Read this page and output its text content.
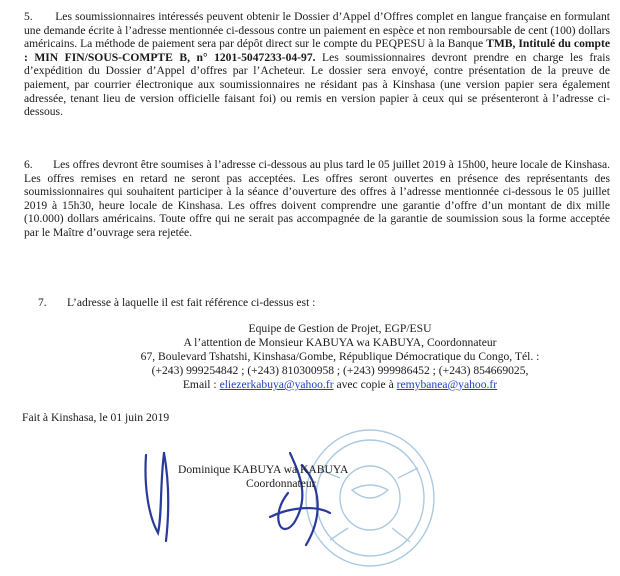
5. Les soumissionnaires intéressés peuvent obtenir le Dossier d’Appel d’Offres complet en langue française en formulant une demande écrite à l’adresse mentionnée ci-dessous contre un paiement en espèce et non remboursable de cent (100) dollars américains. La méthode de paiement sera par dépôt direct sur le compte du PEQPESU à la Banque TMB, Intitulé du compte : MIN FIN/SOUS-COMPTE B, n° 1201-5047233-04-97. Les soumissionnaires devront prendre en charge les frais d’expédition du Dossier d’Appel d’offres par l’Acheteur. Le dossier sera envoyé, contre présentation de la preuve de paiement, par courrier électronique aux soumissionnaires ne résidant pas à Kinshasa (une version papier sera également adressée, tenant lieu de version officielle faisant foi) ou remis en version papier à ceux qui se présenteront à l’adresse ci-dessous.
6. Les offres devront être soumises à l’adresse ci-dessous au plus tard le 05 juillet 2019 à 15h00, heure locale de Kinshasa. Les offres remises en retard ne seront pas acceptées. Les offres seront ouvertes en présence des représentants des soumissionnaires qui souhaitent participer à la séance d’ouverture des offres à l’adresse mentionnée ci-dessous le 05 juillet 2019 à 15h30, heure locale de Kinshasa. Les offres doivent comprendre une garantie d’offre d’un montant de dix mille (10.000) dollars américains. Toute offre qui ne serait pas accompagnée de la garantie de soumission sous la forme acceptée par le Maître d’ouvrage sera rejetée.
7. L’adresse à laquelle il est fait référence ci-dessus est :
Equipe de Gestion de Projet, EGP/ESU
A l’attention de Monsieur KABUYA wa KABUYA, Coordonnateur
67, Boulevard Tshatshi, Kinshasa/Gombe, République Démocratique du Congo, Tél. :
(+243) 999254842 ; (+243) 810300958 ; (+243) 999986452 ; (+243) 854669025,
Email : eliezerkabuya@yahoo.fr avec copie à remybanea@yahoo.fr
Fait à Kinshasa, le 01 juin 2019
Dominique KABUYA wa KABUYA
Coordonnateur
